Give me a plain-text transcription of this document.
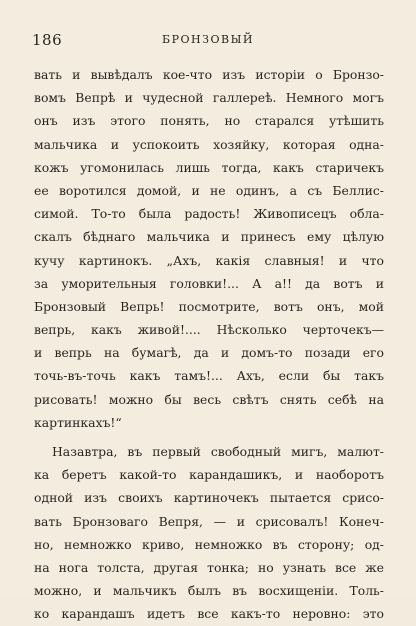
186	БРОНЗОВЫЙ
вать и вывѣдалъ кое-что изъ исторіи о Бронзо-
вомъ Вепрѣ и чудесной галлереѣ. Немного могъ
онъ изъ этого понять, но старался утѣшить
мальчика и успокоить хозяйку, которая одна-
кожъ угомонилась лишь тогда, какъ старичекъ
ее воротился домой, и не одинъ, а съ Беллис-
симой. То-то была радость! Живописецъ обла-
скалъ бѣднаго мальчика и принесъ ему цѣлую
кучу картинокъ. „Ахъ, какія славныя! и что
за уморительныя головки!... А а!! да вотъ и
Бронзовый Вепрь! посмотрите, вотъ онъ, мой
вепрь, какъ живой!.... Нѣсколько черточекъ—
и вепрь на бумагѣ, да и домъ-то позади его
точь-въ-точь какъ тамъ!... Ахъ, если бы такъ
рисовать! можно бы весь свѣтъ снять себѣ на
картинкахъ!“
Назавтра, въ первый свободный мигъ, малют-
ка беретъ какой-то карандашикъ, и наоборотъ
одной изъ своихъ картиночекъ пытается срисо-
вать Бронзоваго Вепря, — и срисовалъ! Конеч-
но, немножко криво, немножко въ сторону; од-
на нога толста, другая тонка; но узнать все же
можно, и мальчикъ былъ въ восхищеніи. Толь-
ко карандашъ идетъ все какъ-то неровно: это
